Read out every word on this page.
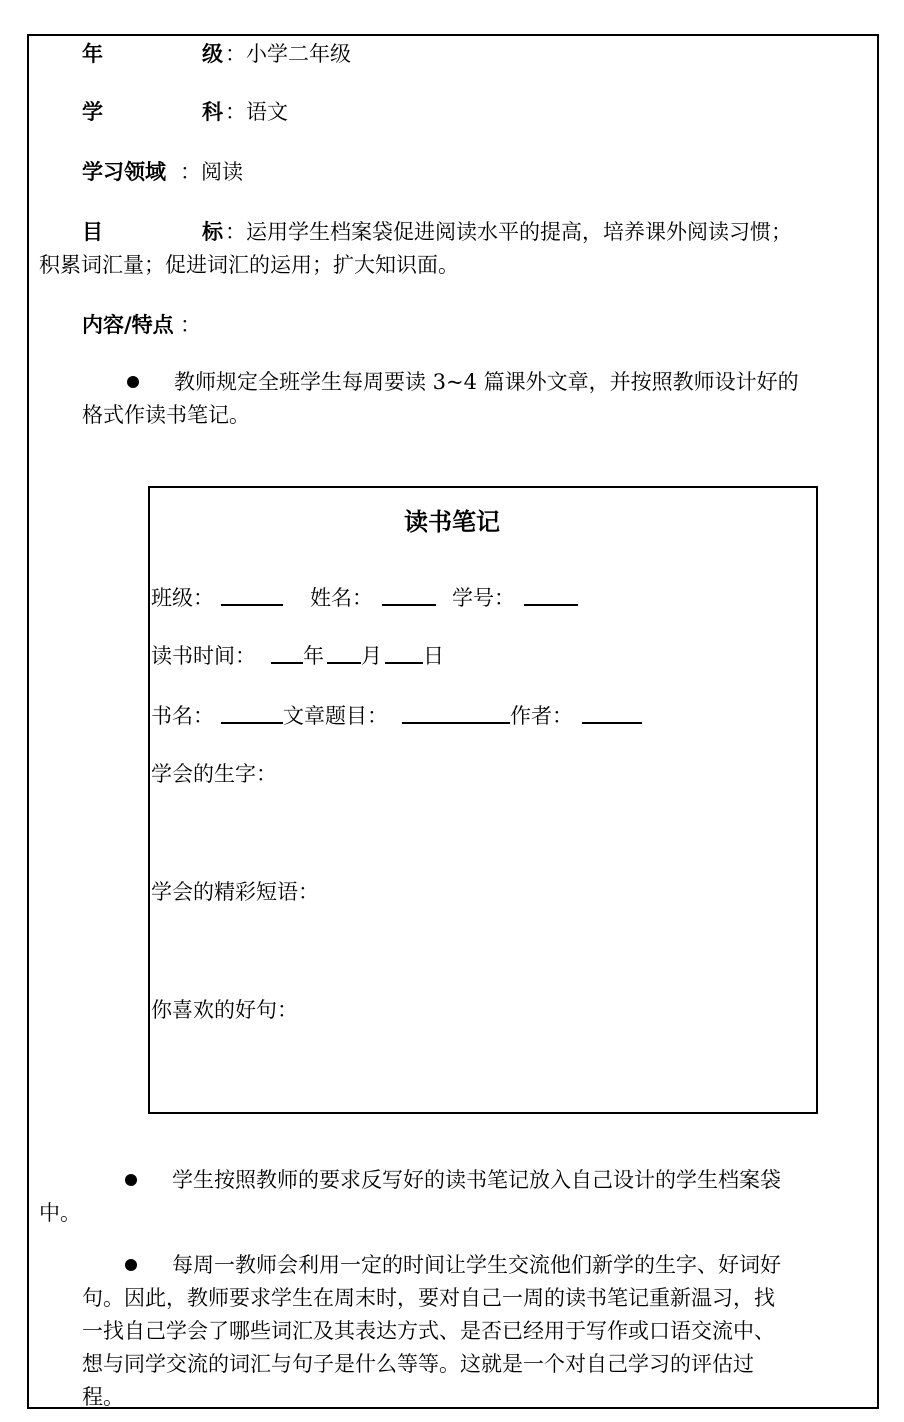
年	级 ：小学二年级
学	科 ：语文
学习领域 ：阅读
目	标 ：运用学生档案袋促进阅读水平的提高，培养课外阅读习惯；
积累词汇量；促进词汇的运用；扩大知识面。
内容/特点 ：
教师规定全班学生每周要读 3~4 篇课外文章，并按照教师设计好的
格式作读书笔记。
读书笔记
班级：	姓名：	学号：
读书时间： 年 月 日
书名：	文章题目：	作者：
学会的生字：
学会的精彩短语：
你喜欢的好句：
学生按照教师的要求反写好的读书笔记放入自己设计的学生档案袋
中。
每周一教师会利用一定的时间让学生交流他们新学的生字、好词好
句。因此，教师要求学生在周末时，要对自己一周的读书笔记重新温习，找
一找自己学会了哪些词汇及其表达方式、是否已经用于写作或口语交流中、
想与同学交流的词汇与句子是什么等等。这就是一个对自己学习的评估过
程。
